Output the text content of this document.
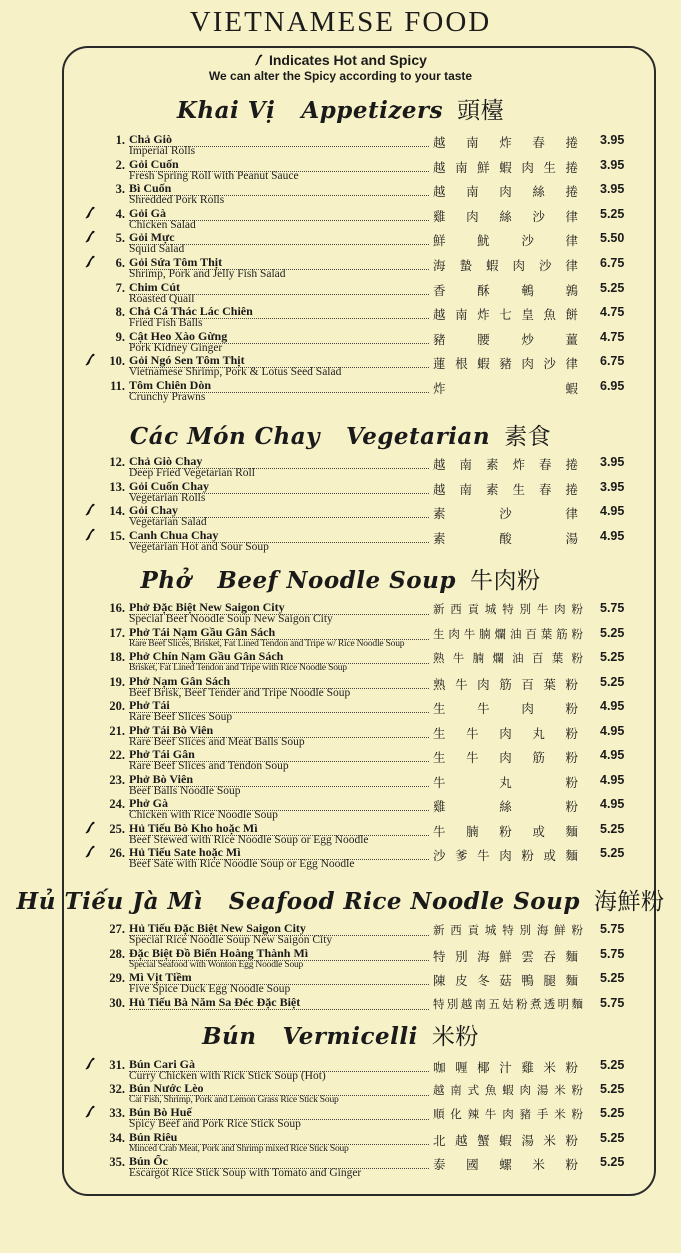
VIETNAMESE FOOD
Indicates Hot and Spicy
We can alter the Spicy according to your taste
Khai Vị Appetizers 頭檯
1. Chả Giò
Imperial Rolls
越南炸春捲 3.95
2. Gỏi Cuốn
Fresh Spring Roll with Peanut Sauce
越南鮮蝦肉生捲 3.95
3. Bì Cuốn
Shredded Pork Rolls
越南肉絲捲 3.95
4. Gỏi Gà
Chicken Salad
雞肉絲沙律 5.25
5. Gỏi Mực
Squid Salad
鮮魷沙律 5.50
6. Gỏi Sứa Tôm Thịt
Shrimp, Pork and Jelly Fish Salad
海蟄蝦肉沙律 6.75
7. Chim Cút
Roasted Quail
香酥鵪鶉 5.25
8. Chả Cá Thác Lác Chiên
Fried Fish Balls
越南炸七皇魚餅 4.75
9. Cật Heo Xào Gừng
Pork Kidney Ginger
豬腰炒薑 4.75
10. Gỏi Ngó Sen Tôm Thịt
Vietnamese Shrimp, Pork & Lotus Seed Salad
蓮根蝦豬肉沙律 6.75
11. Tôm Chiên Dòn
Crunchy Prawns
炸蝦 6.95
Các Món Chay Vegetarian 素食
12. Chả Giò Chay
Deep Fried Vegetarian Roll
越南素炸春捲 3.95
13. Gỏi Cuốn Chay
Vegetarian Rolls
越南素生春捲 3.95
14. Gỏi Chay
Vegetarian Salad
素沙律 4.95
15. Canh Chua Chay
Vegetarian Hot and Sour Soup
素酸湯 4.95
Phở Beef Noodle Soup 牛肉粉
16. Phở Đặc Biệt New Saigon City
Special Beef Noodle Soup New Saigon City
新西貢城特別牛肉粉 5.75
17. Phở Tái Nạm Gầu Gân Sách
Rare Beef Slices, Brisket, Fat Lined Tendon and Tripe w/ Rice Noodle Soup
生肉牛腩爛油百葉筋粉 5.25
18. Phở Chín Nạm Gầu Gân Sách
Brisket, Fat Lined Tendon and Tripe with Rice Noodle Soup
熟牛腩爛油百葉粉 5.25
19. Phở Nạm Gân Sách
Beef Brisk, Beef Tender and Tripe Noodle Soup
熟牛肉筋百葉粉 5.25
20. Phở Tái
Rare Beef Slices Soup
生牛肉粉 4.95
21. Phở Tái Bò Viên
Rare Beef Slices and Meat Balls Soup
生牛肉丸粉 4.95
22. Phở Tái Gân
Rare Beef Slices and Tendon Soup
生牛肉筋粉 4.95
23. Phở Bò Viên
Beef Balls Noodle Soup
牛丸粉 4.95
24. Phở Gà
Chicken with Rice Noodle Soup
雞絲粉 4.95
25. Hủ Tiếu Bò Kho hoặc Mì
Beef Stewed with Rice Noodle Soup or Egg Noodle
牛腩粉或麵 5.25
26. Hủ Tiếu Sate hoặc Mì
Beef Sate with Rice Noodle Soup or Egg Noodle
沙爹牛肉粉或麵 5.25
Hủ Tiếu Jà Mì Seafood Rice Noodle Soup 海鮮粉
27. Hủ Tiếu Đặc Biệt New Saigon City
Special Rice Noodle Soup New Saigon City
新西貢城特別海鮮粉 5.75
28. Đặc Biệt Đồ Biển Hoàng Thành Mì
Special Seafood with Wonton Egg Noodle Soup
特別海鮮雲吞麵 5.75
29. Mì Vịt Tiềm
Five Spice Duck Egg Noodle Soup
陳皮冬菇鴨腿麵 5.25
30. Hủ Tiếu Bà Năm Sa Đéc Đặc Biệt	特別越南五姑粉煮透明麵 5.75
Bún Vermicelli 米粉
31. Bún Cari Gà
Curry Chicken with Rick Stick Soup (Hot)
咖喱椰汁雞米粉 5.25
32. Bún Nước Lèo
Cat Fish, Shrimp, Pork and Lemon Grass Rice Stick Soup
越南式魚蝦肉湯米粉 5.25
33. Bún Bò Huế
Spicy Beef and Pork Rice Stick Soup
順化辣牛肉豬手米粉 5.25
34. Bún Riêu
Minced Crab Meat, Pork and Shrimp mixed Rice Stick Soup
北越蟹蝦湯米粉 5.25
35. Bún Ốc
Escargot Rice Stick Soup with Tomato and Ginger
泰國螺米粉 5.25
